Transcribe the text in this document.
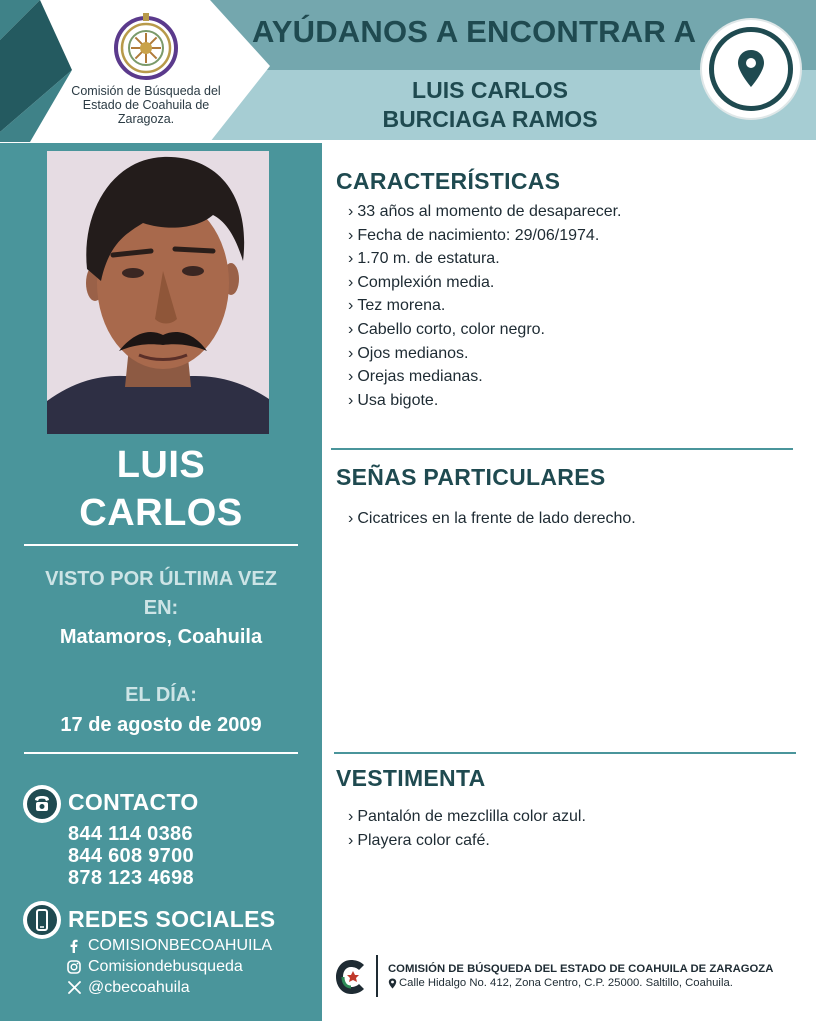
Comisión de Búsqueda del Estado de Coahuila de Zaragoza.
AYÚDANOS A ENCONTRAR A
LUIS CARLOS
BURCIAGA RAMOS
LUIS
CARLOS
VISTO POR ÚLTIMA VEZ
EN:
Matamoros, Coahuila
EL DÍA:
17 de agosto de 2009
CONTACTO
844 114 0386
844 608 9700
878 123 4698
REDES SOCIALES
COMISIONBECOAHUILA
Comisiondebusqueda
@cbecoahuila
CARACTERÍSTICAS
› 33 años al momento de desaparecer.
› Fecha de nacimiento: 29/06/1974.
› 1.70 m. de estatura.
› Complexión media.
› Tez morena.
› Cabello corto, color negro.
› Ojos medianos.
› Orejas medianas.
› Usa bigote.
SEÑAS PARTICULARES
› Cicatrices en la frente de lado derecho.
VESTIMENTA
› Pantalón de mezclilla color azul.
› Playera color café.
COMISIÓN DE BÚSQUEDA DEL ESTADO DE COAHUILA DE ZARAGOZA
Calle Hidalgo No. 412, Zona Centro, C.P. 25000. Saltillo, Coahuila.
